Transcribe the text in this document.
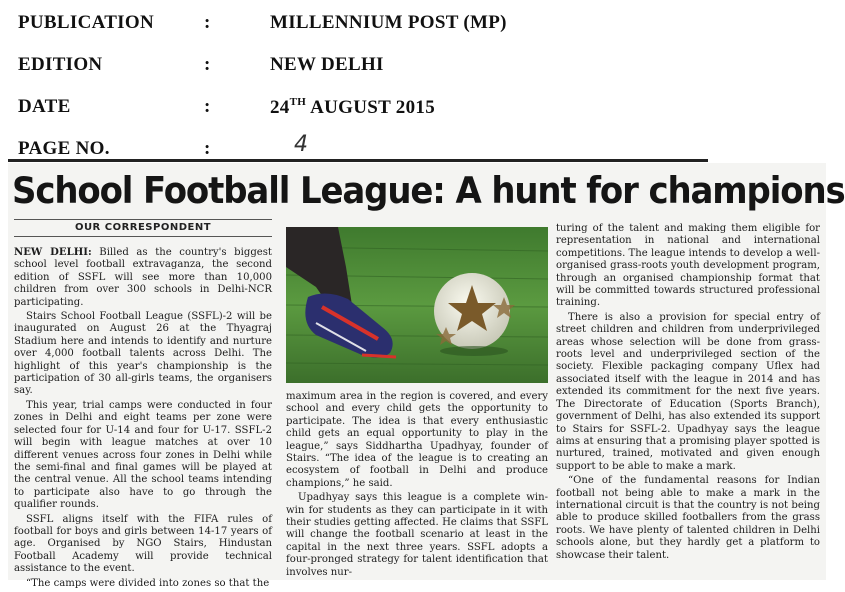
PUBLICATION	:	MILLENNIUM POST (MP)
EDITION	:	NEW DELHI
DATE	:	24TH AUGUST 2015
PAGE NO.	:	4
School Football League: A hunt for champions
OUR CORRESPONDENT

NEW DELHI: Billed as the country's biggest school level football extravaganza, the second edition of SSFL will see more than 10,000 children from over 300 schools in Delhi-NCR participating.

Stairs School Football League (SSFL)-2 will be inaugurated on August 26 at the Thyagraj Stadium here and intends to identify and nurture over 4,000 football talents across Delhi. The highlight of this year's championship is the participation of 30 all-girls teams, the organisers say.

This year, trial camps were conducted in four zones in Delhi and eight teams per zone were selected four for U-14 and four for U-17. SSFL-2 will begin with league matches at over 10 different venues across four zones in Delhi while the semi-final and final games will be played at the central venue. All the school teams intending to participate also have to go through the qualifier rounds.

SSFL aligns itself with the FIFA rules of football for boys and girls between 14-17 years of age. Organised by NGO Stairs, Hindustan Football Academy will provide technical assistance to the event.

“The camps were divided into zones so that the

maximum area in the region is covered, and every school and every child gets the opportunity to participate. The idea is that every enthusiastic child gets an equal opportunity to play in the league,” says Siddhartha Upadhyay, founder of Stairs. “The idea of the league is to creating an ecosystem of football in Delhi and produce champions,” he said.

Upadhyay says this league is a complete win-win for students as they can participate in it with their studies getting affected. He claims that SSFL will change the football scenario at least in the capital in the next three years. SSFL adopts a four-pronged strategy for talent identification that involves nur-

turing of the talent and making them eligible for representation in national and international competitions. The league intends to develop a well-organised grass-roots youth development program, through an organised championship format that will be committed towards structured professional training.

There is also a provision for special entry of street children and children from underprivileged areas whose selection will be done from grass-roots level and underprivileged section of the society. Flexible packaging company Uflex had associated itself with the league in 2014 and has extended its commitment for the next five years. The Directorate of Education (Sports Branch), government of Delhi, has also extended its support to Stairs for SSFL-2. Upadhyay says the league aims at ensuring that a promising player spotted is nurtured, trained, motivated and given enough support to be able to make a mark.

“One of the fundamental reasons for Indian football not being able to make a mark in the international circuit is that the country is not being able to produce skilled footballers from the grass roots. We have plenty of talented children in Delhi schools alone, but they hardly get a platform to showcase their talent.
